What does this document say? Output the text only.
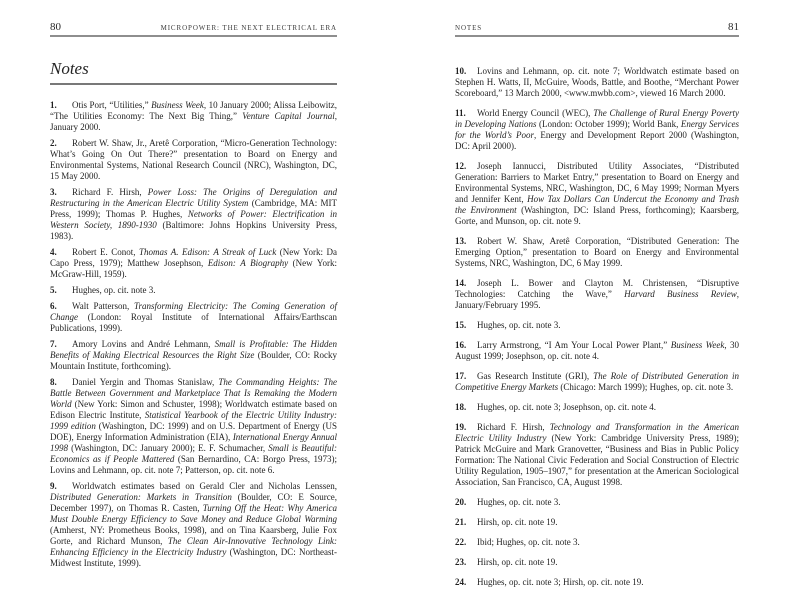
80	MICROPOWER: THE NEXT ELECTRICAL ERA
Notes

1. Otis Port, “Utilities,” Business Week, 10 January 2000; Alissa Leibowitz, “The Utilities Economy: The Next Big Thing,” Venture Capital Journal, January 2000.

2. Robert W. Shaw, Jr., Aretê Corporation, “Micro-Generation Technology: What’s Going On Out There?” presentation to Board on Energy and Environmental Systems, National Research Council (NRC), Washington, DC, 15 May 2000.

3. Richard F. Hirsh, Power Loss: The Origins of Deregulation and Restructuring in the American Electric Utility System (Cambridge, MA: MIT Press, 1999); Thomas P. Hughes, Networks of Power: Electrification in Western Society, 1890-1930 (Baltimore: Johns Hopkins University Press, 1983).

4. Robert E. Conot, Thomas A. Edison: A Streak of Luck (New York: Da Capo Press, 1979); Matthew Josephson, Edison: A Biography (New York: McGraw-Hill, 1959).

5. Hughes, op. cit. note 3.

6. Walt Patterson, Transforming Electricity: The Coming Generation of Change (London: Royal Institute of International Affairs/Earthscan Publications, 1999).

7. Amory Lovins and André Lehmann, Small is Profitable: The Hidden Benefits of Making Electrical Resources the Right Size (Boulder, CO: Rocky Mountain Institute, forthcoming).

8. Daniel Yergin and Thomas Stanislaw, The Commanding Heights: The Battle Between Government and Marketplace That Is Remaking the Modern World (New York: Simon and Schuster, 1998); Worldwatch estimate based on Edison Electric Institute, Statistical Yearbook of the Electric Utility Industry: 1999 edition (Washington, DC: 1999) and on U.S. Department of Energy (US DOE), Energy Information Administration (EIA), International Energy Annual 1998 (Washington, DC: January 2000); E. F. Schumacher, Small is Beautiful: Economics as if People Mattered (San Bernardino, CA: Borgo Press, 1973); Lovins and Lehmann, op. cit. note 7; Patterson, op. cit. note 6.

9. Worldwatch estimates based on Gerald Cler and Nicholas Lenssen, Distributed Generation: Markets in Transition (Boulder, CO: E Source, December 1997), on Thomas R. Casten, Turning Off the Heat: Why America Must Double Energy Efficiency to Save Money and Reduce Global Warming (Amherst, NY: Prometheus Books, 1998), and on Tina Kaarsberg, Julie Fox Gorte, and Richard Munson, The Clean Air-Innovative Technology Link: Enhancing Efficiency in the Electricity Industry (Washington, DC: Northeast-Midwest Institute, 1999).

NOTES	81

10. Lovins and Lehmann, op. cit. note 7; Worldwatch estimate based on Stephen H. Watts, II, McGuire, Woods, Battle, and Boothe, “Merchant Power Scoreboard,” 13 March 2000, <www.mwbb.com>, viewed 16 March 2000.

11. World Energy Council (WEC), The Challenge of Rural Energy Poverty in Developing Nations (London: October 1999); World Bank, Energy Services for the World’s Poor, Energy and Development Report 2000 (Washington, DC: April 2000).

12. Joseph Iannucci, Distributed Utility Associates, “Distributed Generation: Barriers to Market Entry,” presentation to Board on Energy and Environmental Systems, NRC, Washington, DC, 6 May 1999; Norman Myers and Jennifer Kent, How Tax Dollars Can Undercut the Economy and Trash the Environment (Washington, DC: Island Press, forthcoming); Kaarsberg, Gorte, and Munson, op. cit. note 9.

13. Robert W. Shaw, Aretê Corporation, “Distributed Generation: The Emerging Option,” presentation to Board on Energy and Environmental Systems, NRC, Washington, DC, 6 May 1999.

14. Joseph L. Bower and Clayton M. Christensen, “Disruptive Technologies: Catching the Wave,” Harvard Business Review, January/February 1995.

15. Hughes, op. cit. note 3.

16. Larry Armstrong, “I Am Your Local Power Plant,” Business Week, 30 August 1999; Josephson, op. cit. note 4.

17. Gas Research Institute (GRI), The Role of Distributed Generation in Competitive Energy Markets (Chicago: March 1999); Hughes, op. cit. note 3.

18. Hughes, op. cit. note 3; Josephson, op. cit. note 4.

19. Richard F. Hirsh, Technology and Transformation in the American Electric Utility Industry (New York: Cambridge University Press, 1989); Patrick McGuire and Mark Granovetter, “Business and Bias in Public Policy Formation: The National Civic Federation and Social Construction of Electric Utility Regulation, 1905–1907,” for presentation at the American Sociological Association, San Francisco, CA, August 1998.

20. Hughes, op. cit. note 3.

21. Hirsh, op. cit. note 19.

22. Ibid; Hughes, op. cit. note 3.

23. Hirsh, op. cit. note 19.

24. Hughes, op. cit. note 3; Hirsh, op. cit. note 19.
